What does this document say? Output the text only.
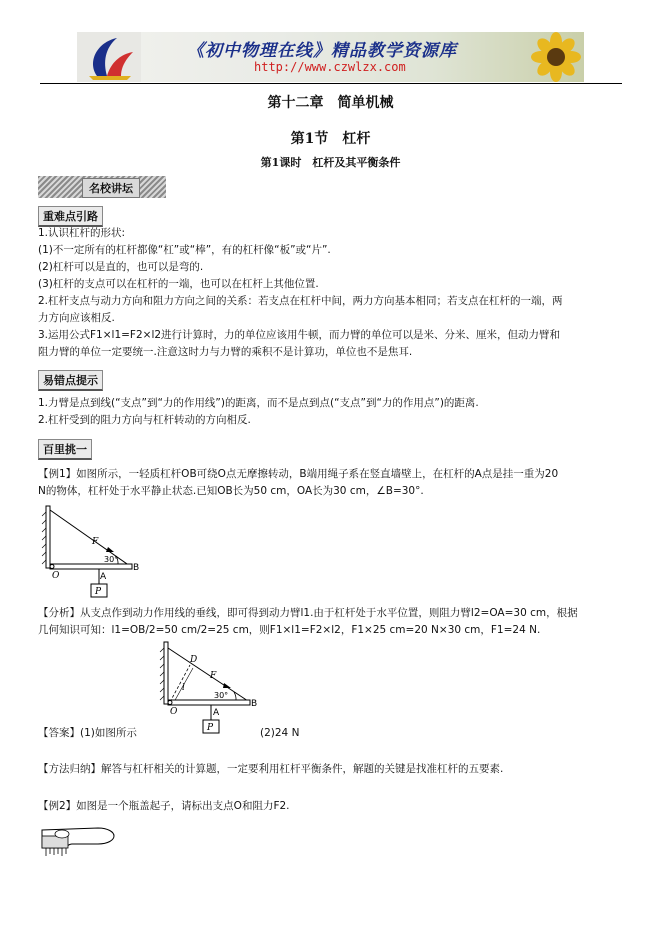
《初中物理在线》精品教学资源库
http://www.czwlzx.com
第十二章　简单机械
第1节　杠杆
第1课时　杠杆及其平衡条件
名校讲坛
重难点引路
1.认识杠杆的形状:
(1)不一定所有的杠杆都像“杠”或“棒”，有的杠杆像“板”或“片”.
(2)杠杆可以是直的，也可以是弯的.
(3)杠杆的支点可以在杠杆的一端，也可以在杠杆上其他位置.
2.杠杆支点与动力方向和阻力方向之间的关系：若支点在杠杆中间，两力方向基本相同；若支点在杠杆的一端，两
力方向应该相反.
3.运用公式F1×l1=F2×l2进行计算时，力的单位应该用牛顿，而力臂的单位可以是米、分米、厘米，但动力臂和
阻力臂的单位一定要统一.注意这时力与力臂的乘积不是计算功，单位也不是焦耳.
易错点提示
1.力臂是点到线(“支点”到“力的作用线”)的距离，而不是点到点(“支点”到“力的作用点”)的距离.
2.杠杆受到的阻力方向与杠杆转动的方向相反.
百里挑一
【例1】如图所示，一轻质杠杆OB可绕O点无摩擦转动，B端用绳子系在竖直墙壁上，在杠杆的A点是挂一重为20
N的物体，杠杆处于水平静止状态.已知OB长为50 cm，OA长为30 cm，∠B=30°.
F
30°
O	A
B
P
【分析】从支点作到动力作用线的垂线，即可得到动力臂l1.由于杠杆处于水平位置，则阻力臂l2=OA=30 cm，根据
几何知识可知：l1=OB/2=50 cm/2=25 cm，则F1×l1=F2×l2，F1×25 cm=20 N×30 cm，F1=24 N.
D
F
l
30°
O	A
B
P
【答案】(1)如图所示	(2)24 N
【方法归纳】解答与杠杆相关的计算题，一定要利用杠杆平衡条件，解题的关键是找准杠杆的五要素.
【例2】如图是一个瓶盖起子，请标出支点O和阻力F2.
